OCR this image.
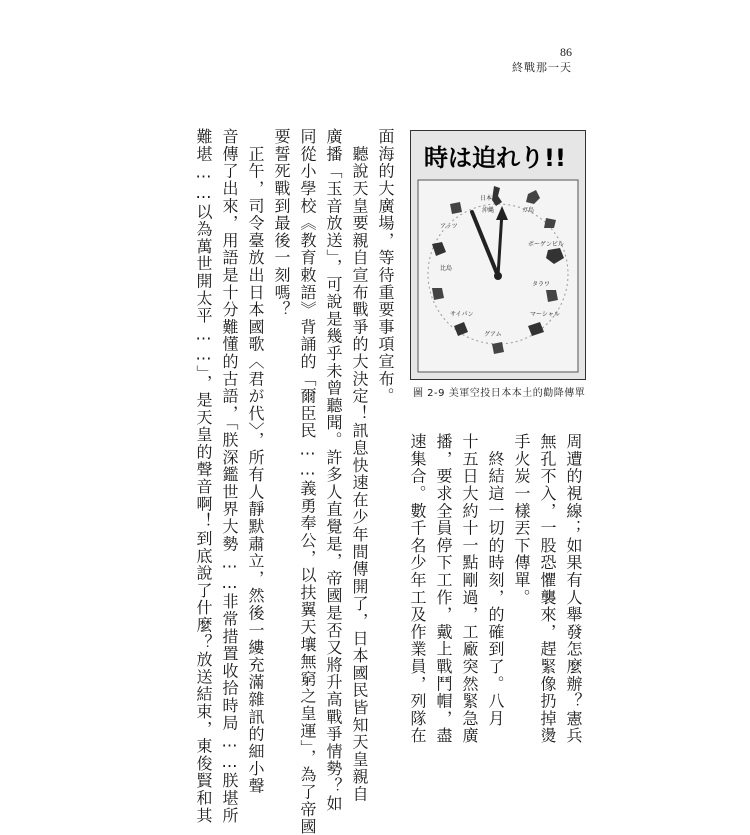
86
終戰那一天
面海的大廣場，等待重要事項宣布。
　聽說天皇要親自宣布戰爭的大決定！訊息快速在少年間傳開了，日本國民皆知天皇親自
廣播「玉音放送」，可說是幾乎未曾聽聞。許多人直覺是，帝國是否又將升高戰爭情勢？如
同從小學校《教育敕語》背誦的「爾臣民……義勇奉公，以扶翼天壤無窮之皇運」，為了帝國
要誓死戰到最後一刻嗎？
　正午，司令臺放出日本國歌〈君が代〉，所有人靜默肅立，然後一縷充滿雜訊的細小聲
音傳了出來，用語是十分難懂的古語，「朕深鑑世界大勢……非常措置收拾時局……朕堪所
難堪……以為萬世開太平……」，是天皇的聲音啊！到底說了什麼？放送結束，東俊賢和其	周遭的視線；如果有人舉發怎麼辦？憲兵
無孔不入，一股恐懼襲來，趕緊像扔掉燙
手火炭一樣丟下傳單。
　終結這一切的時刻，的確到了。八月
十五日大約十一點剛過，工廠突然緊急廣
播，要求全員停下工作，戴上戰鬥帽，盡
速集合。數千名少年工及作業員，列隊在
時は迫れり!!
日本
沖縄	ガ島
アッツ
比島
ボーゲンビル
タラワ
マーシャル
サイパン
グアム
圖 2-9 美軍空投日本本土的勸降傳單
